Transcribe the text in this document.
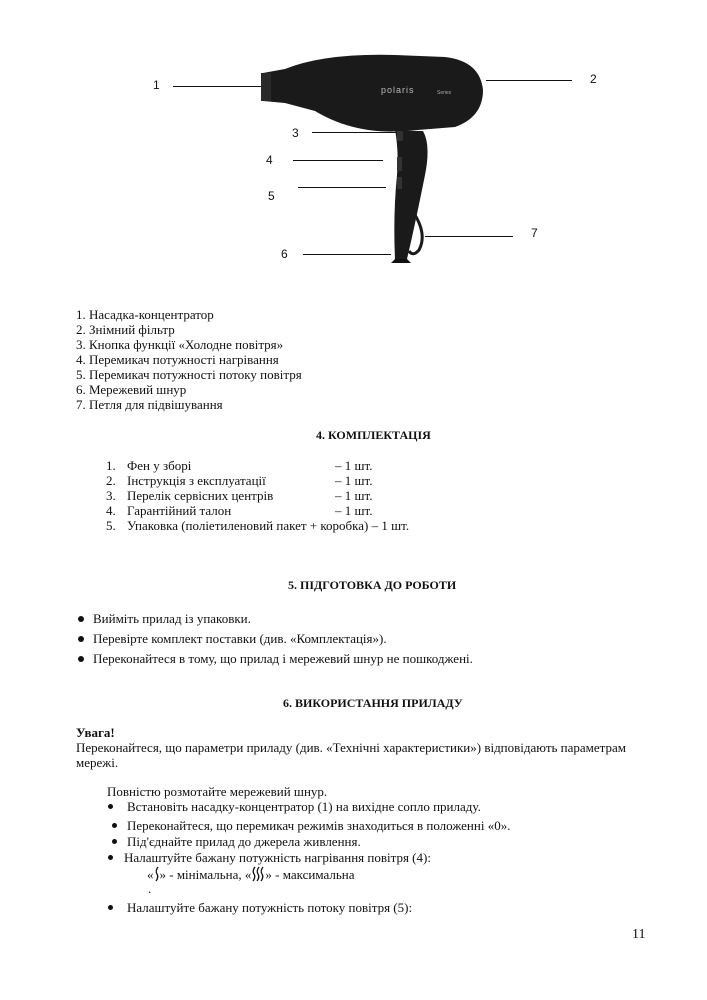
polaris	Series
1	2
3
4
5
6
7
1. Насадка-концентратор
2. Знімний фільтр
3. Кнопка функції «Холодне повітря»
4. Перемикач потужності нагрівання
5. Перемикач потужності потоку повітря
6. Мережевий шнур
7. Петля для підвішування
4. КОМПЛЕКТАЦІЯ
1. Фен у зборі	– 1 шт.
2. Інструкція з експлуатації	– 1 шт.
3. Перелік сервісних центрів	– 1 шт.
4. Гарантійний талон	– 1 шт.
5. Упаковка (поліетиленовий пакет + коробка) – 1 шт.
5. ПІДГОТОВКА ДО РОБОТИ
Вийміть прилад із упаковки.
Перевірте комплект поставки (див. «Комплектація»).
Переконайтеся в тому, що прилад і мережевий шнур не пошкоджені.
6. ВИКОРИСТАННЯ ПРИЛАДУ
Увага!
Переконайтеся, що параметри приладу (див. «Технічні характеристики») відповідають параметрам
мережі.
Повністю розмотайте мережевий шнур.
Встановіть насадку-концентратор (1) на вихідне сопло приладу.
Переконайтеся, що перемикач режимів знаходиться в положенні «0».
Під'єднайте прилад до джерела живлення.
Налаштуйте бажану потужність нагрівання повітря (4):
« » - мінімальна, « » - максимальна
.
Налаштуйте бажану потужність потоку повітря (5):
11
